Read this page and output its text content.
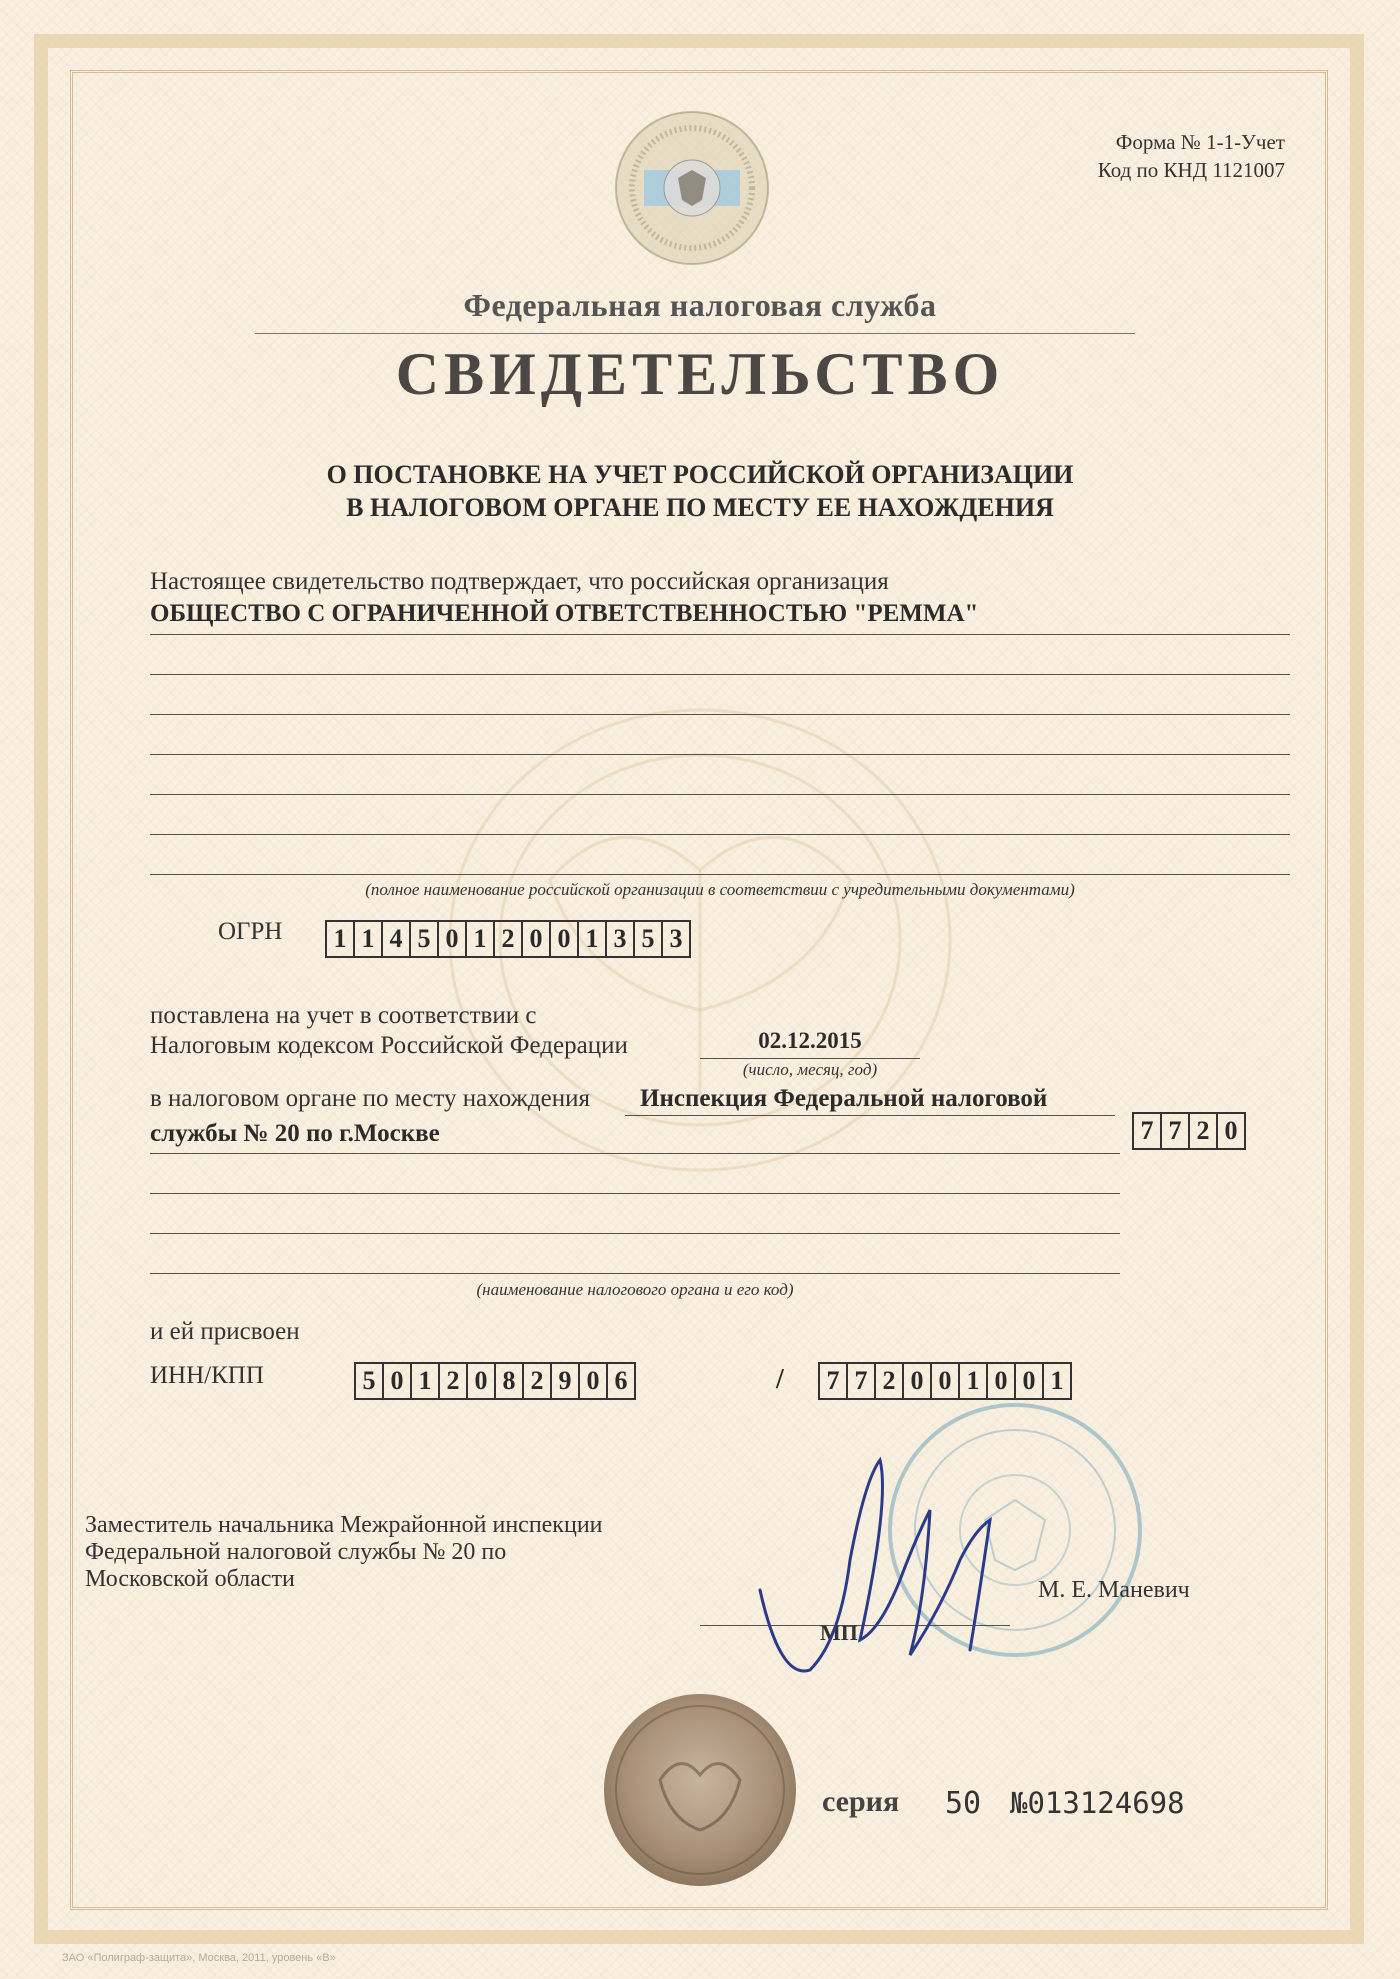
Форма № 1-1-Учет
Код по КНД 1121007
Федеральная налоговая служба
СВИДЕТЕЛЬСТВО
О ПОСТАНОВКЕ НА УЧЕТ РОССИЙСКОЙ ОРГАНИЗАЦИИ
В НАЛОГОВОМ ОРГАНЕ ПО МЕСТУ ЕЕ НАХОЖДЕНИЯ
Настоящее свидетельство подтверждает, что российская организация
ОБЩЕСТВО С ОГРАНИЧЕННОЙ ОТВЕТСТВЕННОСТЬЮ "РЕММА"
(полное наименование российской организации в соответствии с учредительными документами)
ОГРН	1 1 4 5 0 1 2 0 0 1 3 5 3
поставлена на учет в соответствии с
Налоговым кодексом Российской Федерации	02.12.2015
(число, месяц, год)
в налоговом органе по месту нахождения Инспекция Федеральной налоговой
службы № 20 по г.Москве	7 7 2 0
(наименование налогового органа и его код)
и ей присвоен
ИНН/КПП	5 0 1 2 0 8 2 9 0 6	/	7 7 2 0 0 1 0 0 1
Заместитель начальника Межрайонной инспекции
Федеральной налоговой службы № 20 по
Московской области
МП
М. Е. Маневич
серия 50 №013124698
ЗАО «Полиграф-защита», Москва, 2011, уровень «В»
